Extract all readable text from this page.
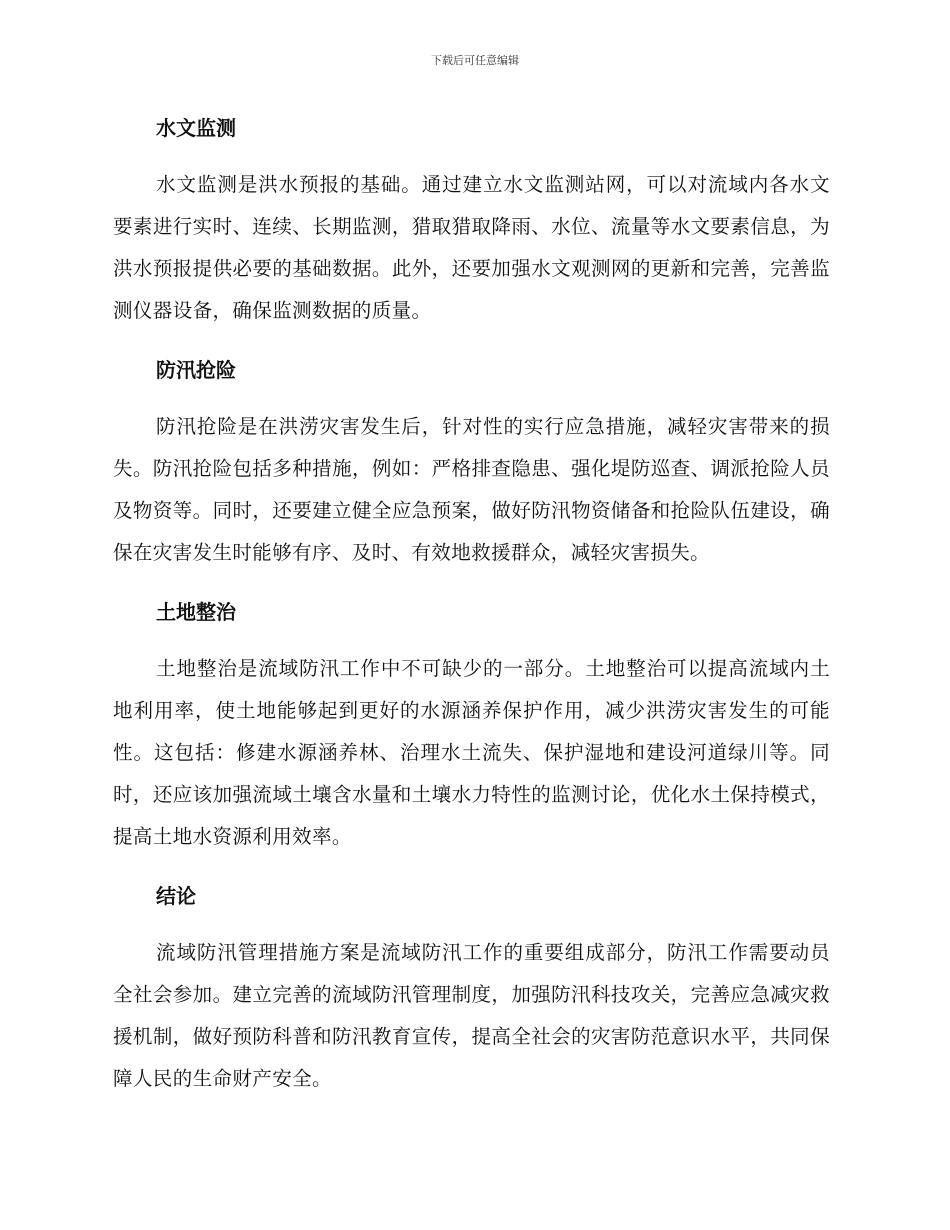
下载后可任意编辑
水文监测

水文监测是洪水预报的基础。通过建立水文监测站网，可以对流域内各水文要素进行实时、连续、长期监测，猎取猎取降雨、水位、流量等水文要素信息，为洪水预报提供必要的基础数据。此外，还要加强水文观测网的更新和完善，完善监测仪器设备，确保监测数据的质量。

防汛抢险

防汛抢险是在洪涝灾害发生后，针对性的实行应急措施，减轻灾害带来的损失。防汛抢险包括多种措施，例如：严格排查隐患、强化堤防巡查、调派抢险人员及物资等。同时，还要建立健全应急预案，做好防汛物资储备和抢险队伍建设，确保在灾害发生时能够有序、及时、有效地救援群众，减轻灾害损失。

土地整治

土地整治是流域防汛工作中不可缺少的一部分。土地整治可以提高流域内土地利用率，使土地能够起到更好的水源涵养保护作用，减少洪涝灾害发生的可能性。这包括：修建水源涵养林、治理水土流失、保护湿地和建设河道绿川等。同时，还应该加强流域土壤含水量和土壤水力特性的监测讨论，优化水土保持模式，提高土地水资源利用效率。

结论

流域防汛管理措施方案是流域防汛工作的重要组成部分，防汛工作需要动员全社会参加。建立完善的流域防汛管理制度，加强防汛科技攻关，完善应急减灾救援机制，做好预防科普和防汛教育宣传，提高全社会的灾害防范意识水平，共同保障人民的生命财产安全。
